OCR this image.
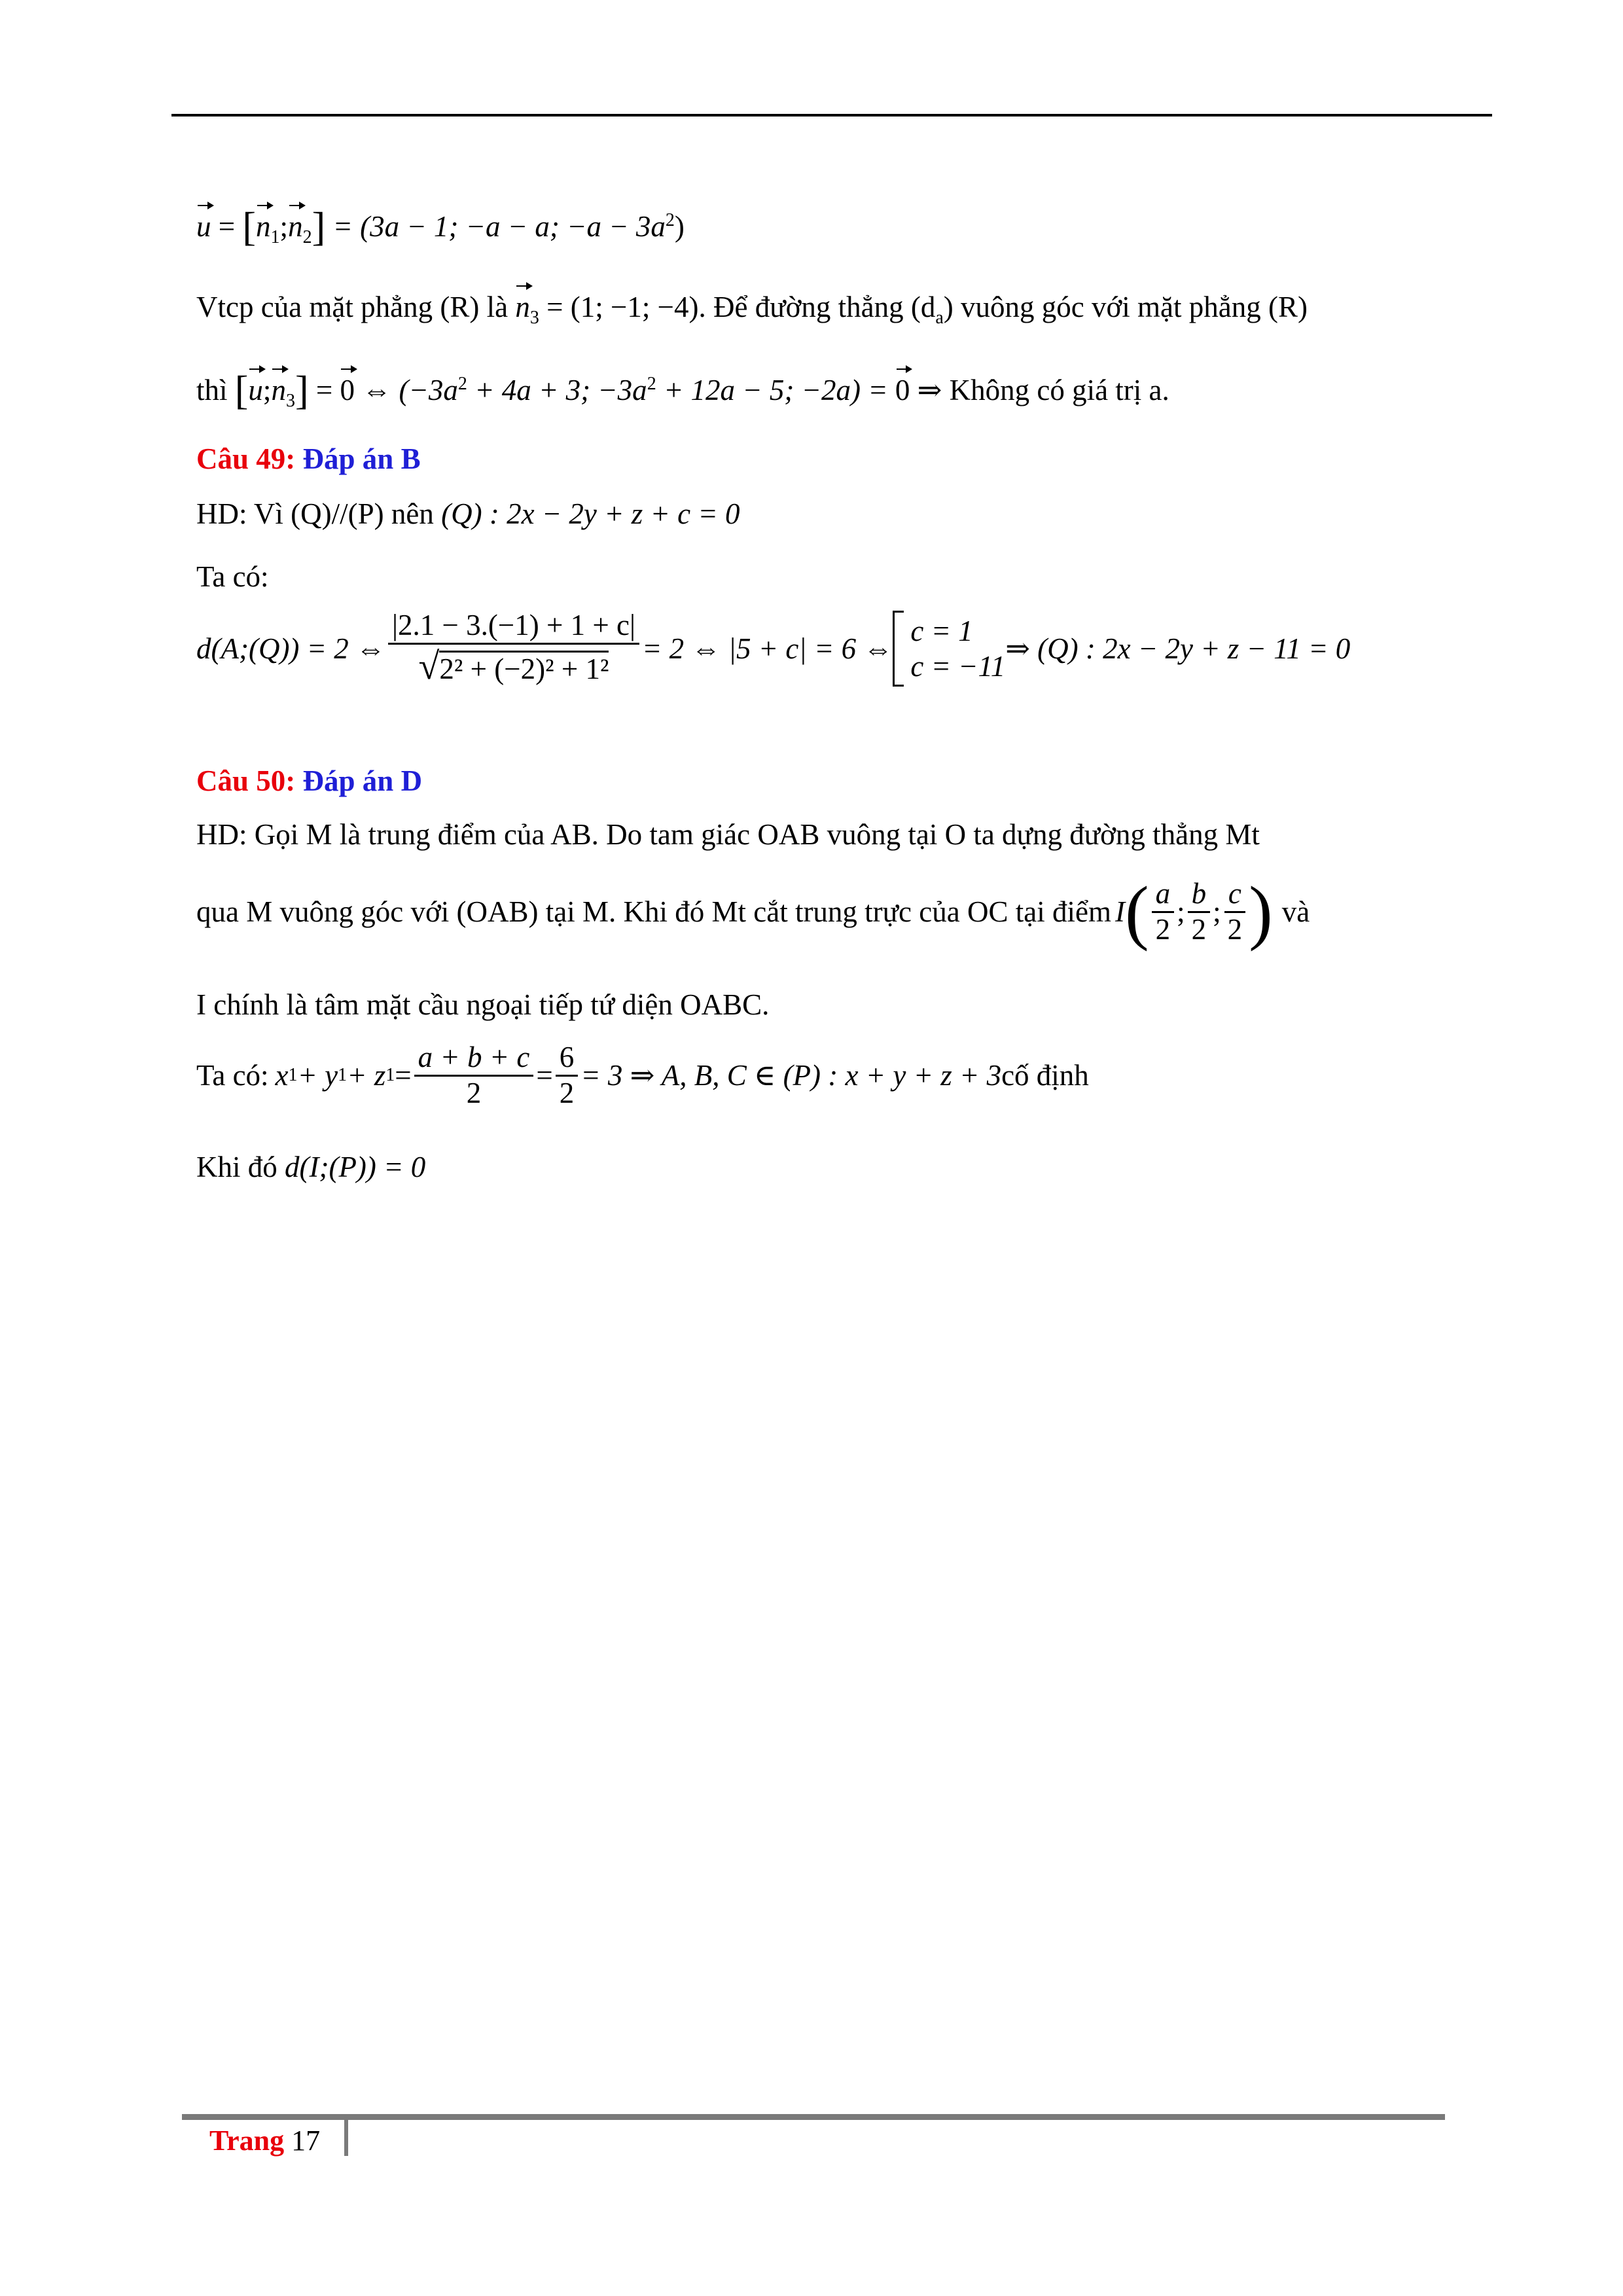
$u = [n_1;n_2] = (3a - 1$; −a − a; $-a - 3a^2$)
Vtcp của mặt phẳng (R) là $n_3 = (1$; −1; −4). Để đường thẳng $(d_a)$ vuông góc với mặt phẳng (R)
thì $[u;n_3] = 0$ ⇔ ($-3a^2 + 4a + 3$; $-3a^2 + 12a - 5$; −2a) = 0 ⇒ Không có giá trị a.
Câu 49: Đáp án B
HD: Vì (Q)//(P) nên (Q) : 2x − 2y + z + c = 0
Ta có:
d(A;(Q)) = 2 ⇔ $\frac{|2.1 - 3.(-1) + 1 + c|}{\text{√2² + (−2)² + 1²}} = 2$ ⇔ |5 + c| = 6 ⇔
c = 1
c = −11
⇒ (Q) : 2x − 2y + z − 11 = 0
Câu 50: Đáp án D
HD: Gọi M là trung điểm của AB. Do tam giác OAB vuông tại O ta dựng đường thẳng Mt
qua M vuông góc với (OAB) tại M. Khi đó Mt cắt trung trực của OC tại điểm I ( $\frac{a}{2}$ ; $\frac{b}{2}$ ; $\frac{c}{2}$ ) và
I chính là tâm mặt cầu ngoại tiếp tứ diện OABC.
Ta có: x 1 + y 1 + z $1 = \frac{a + b + c}{2} = \frac{6}{2} = 3$ ⇒ A, B, C ∈ (P) : x + y + z + 3 cố định
Khi đó d(I;(P)) = 0
Trang 17
